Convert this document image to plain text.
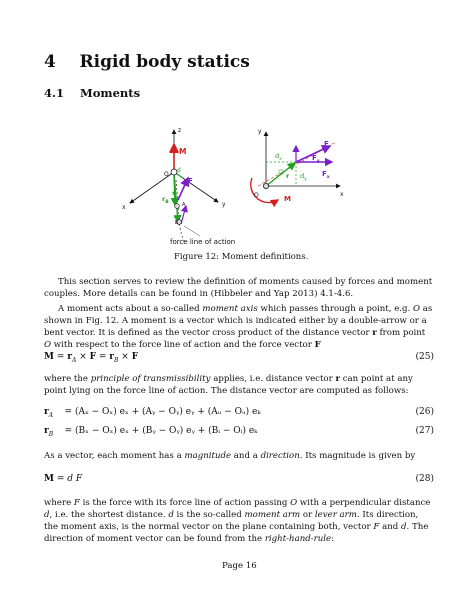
4 Rigid body statics
4.1 Moments
z
x	y
M
d
F
$r_B$
r
O
A
B
force line of action
y
x
$d_x$
$d_y$
$F_y$
$F_x$
F
r
M
O
Figure 12: Moment definitions.
This section serves to review the definition of moments caused by forces and moment couples. More details can be found in (Hibbeler and Yap 2013) 4.1-4.6.
A moment acts about a so-called moment axis which passes through a point, e.g. O as shown in Fig. 12. A moment is a vector which is indicated either by a double-arrow or a bent vector. It is defined as the vector cross product of the distance vector r from point O with respect to the force line of action and the force vector F
$M = r_A \times F = r_B \times F$	(25)
where the principle of transmissibility applies, i.e. distance vector r can point at any point lying on the force line of action. The distance vector are computed as follows:
$r_A = (A_x - O_x) e_x$ + (Aᵧ − Oᵧ) eᵧ + (Aᵤ − Oᵤ) eₖ	(26)
$r_B = (B_x - O_x) e_x$ + (Bᵧ − Oᵧ) eᵧ + (Bᵢ − Oᵢ) eₖ	(27)
As a vector, each moment has a magnitude and a direction. Its magnitude is given by
M = d F	(28)
where F is the force with its force line of action passing O with a perpendicular distance d, i.e. the shortest distance. d is the so-called moment arm or lever arm. Its direction, the moment axis, is the normal vector on the plane containing both, vector F and d. The direction of moment vector can be found from the right-hand-rule:
Page 16
